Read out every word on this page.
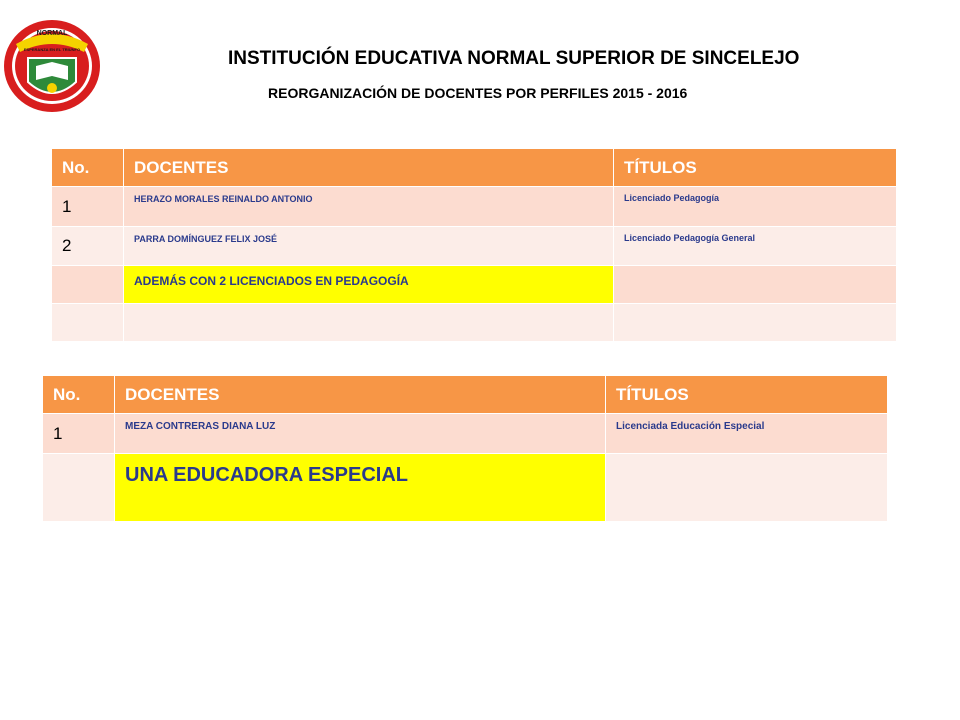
NORMAL
ESPERANZA EN EL TRIUNFO	INSTITUCIÓN EDUCATIVA NORMAL SUPERIOR DE SINCELEJO
REORGANIZACIÓN DE DOCENTES POR PERFILES 2015 - 2016
No.	DOCENTES	TÍTULOS
1	HERAZO MORALES REINALDO ANTONIO	Licenciado Pedagogía
2	PARRA DOMÍNGUEZ FELIX JOSÉ	Licenciado Pedagogía General
	ADEMÁS CON 2 LICENCIADOS EN PEDAGOGÍA	

No.	DOCENTES	TÍTULOS
1	MEZA CONTRERAS DIANA LUZ	Licenciada Educación Especial
	UNA EDUCADORA ESPECIAL	
